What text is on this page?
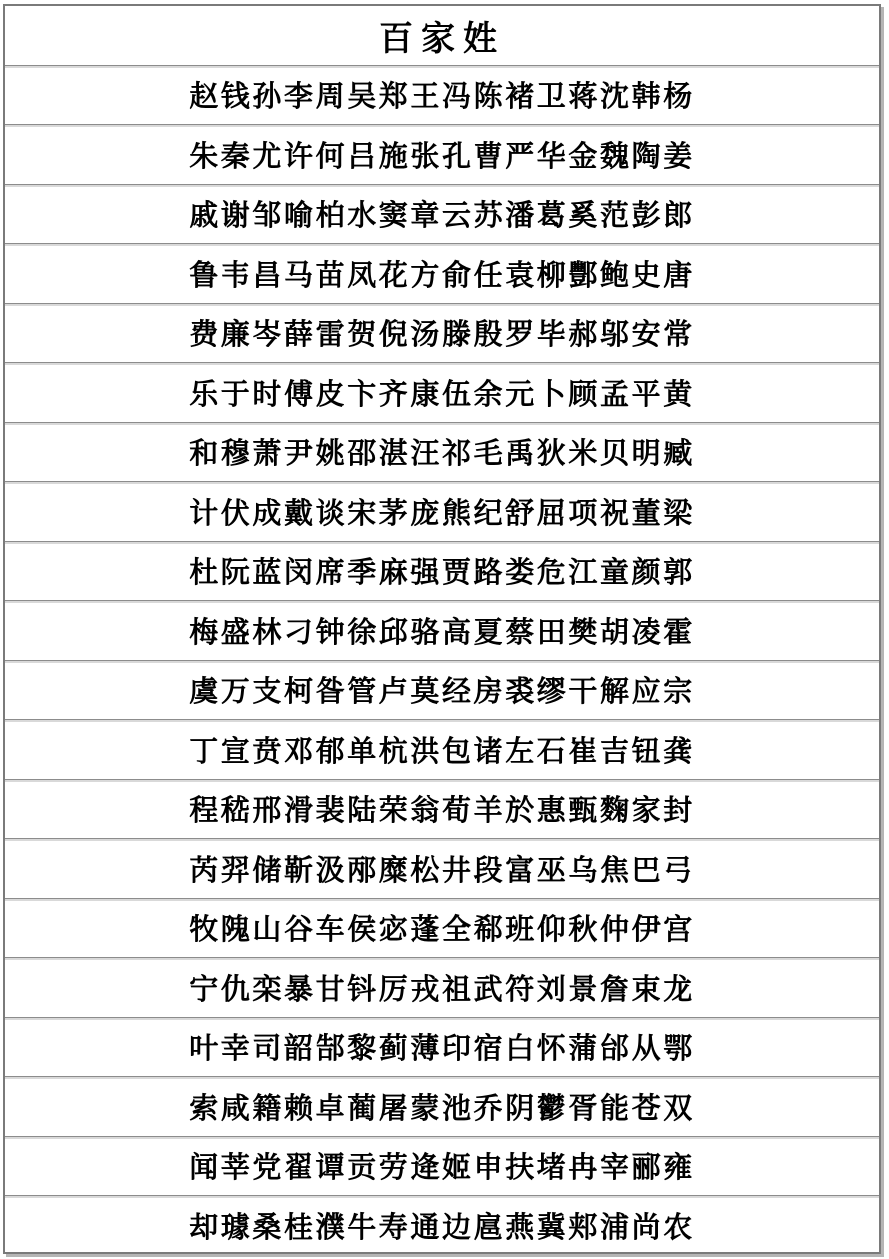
百家姓
赵钱孙李周吴郑王冯陈褚卫蒋沈韩杨
朱秦尤许何吕施张孔曹严华金魏陶姜
戚谢邹喻柏水窦章云苏潘葛奚范彭郎
鲁韦昌马苗凤花方俞任袁柳酆鲍史唐
费廉岑薛雷贺倪汤滕殷罗毕郝邬安常
乐于时傅皮卞齐康伍余元卜顾孟平黄
和穆萧尹姚邵湛汪祁毛禹狄米贝明臧
计伏成戴谈宋茅庞熊纪舒屈项祝董梁
杜阮蓝闵席季麻强贾路娄危江童颜郭
梅盛林刁钟徐邱骆高夏蔡田樊胡凌霍
虞万支柯昝管卢莫经房裘缪干解应宗
丁宣贲邓郁单杭洪包诸左石崔吉钮龚
程嵇邢滑裴陆荣翁荀羊於惠甄麴家封
芮羿储靳汲邴糜松井段富巫乌焦巴弓
牧隗山谷车侯宓蓬全郗班仰秋仲伊宫
宁仇栾暴甘钭厉戎祖武符刘景詹束龙
叶幸司韶郜黎蓟薄印宿白怀蒲邰从鄂
索咸籍赖卓蔺屠蒙池乔阴鬱胥能苍双
闻莘党翟谭贡劳逄姬申扶堵冉宰郦雍
却璩桑桂濮牛寿通边扈燕冀郏浦尚农
